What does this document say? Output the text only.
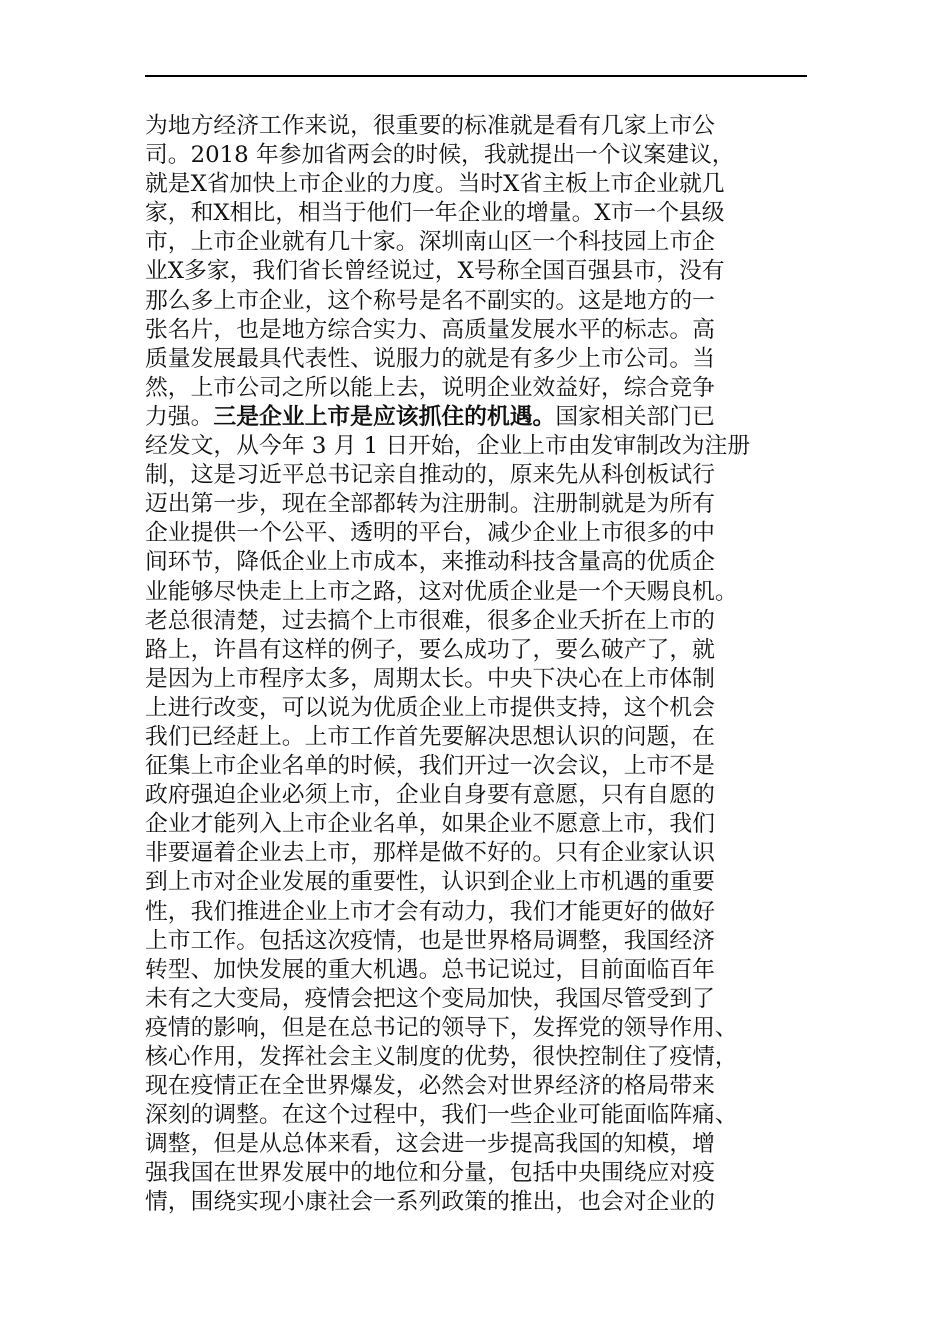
为地方经济工作来说，很重要的标准就是看有几家上市公
司。2018 年参加省两会的时候，我就提出一个议案建议，
就是X省加快上市企业的力度。当时X省主板上市企业就几
家，和X相比，相当于他们一年企业的增量。X市一个县级
市，上市企业就有几十家。深圳南山区一个科技园上市企
业X多家，我们省长曾经说过，X号称全国百强县市，没有
那么多上市企业，这个称号是名不副实的。这是地方的一
张名片，也是地方综合实力、高质量发展水平的标志。高
质量发展最具代表性、说服力的就是有多少上市公司。当
然，上市公司之所以能上去，说明企业效益好，综合竞争
力强。三是企业上市是应该抓住的机遇。国家相关部门已
经发文，从今年 3 月 1 日开始，企业上市由发审制改为注册
制，这是习近平总书记亲自推动的，原来先从科创板试行
迈出第一步，现在全部都转为注册制。注册制就是为所有
企业提供一个公平、透明的平台，减少企业上市很多的中
间环节，降低企业上市成本，来推动科技含量高的优质企
业能够尽快走上上市之路，这对优质企业是一个天赐良机。
老总很清楚，过去搞个上市很难，很多企业夭折在上市的
路上，许昌有这样的例子，要么成功了，要么破产了，就
是因为上市程序太多，周期太长。中央下决心在上市体制
上进行改变，可以说为优质企业上市提供支持，这个机会
我们已经赶上。上市工作首先要解决思想认识的问题，在
征集上市企业名单的时候，我们开过一次会议，上市不是
政府强迫企业必须上市，企业自身要有意愿，只有自愿的
企业才能列入上市企业名单，如果企业不愿意上市，我们
非要逼着企业去上市，那样是做不好的。只有企业家认识
到上市对企业发展的重要性，认识到企业上市机遇的重要
性，我们推进企业上市才会有动力，我们才能更好的做好
上市工作。包括这次疫情，也是世界格局调整，我国经济
转型、加快发展的重大机遇。总书记说过，目前面临百年
未有之大变局，疫情会把这个变局加快，我国尽管受到了
疫情的影响，但是在总书记的领导下，发挥党的领导作用、
核心作用，发挥社会主义制度的优势，很快控制住了疫情，
现在疫情正在全世界爆发，必然会对世界经济的格局带来
深刻的调整。在这个过程中，我们一些企业可能面临阵痛、
调整，但是从总体来看，这会进一步提高我国的知模，增
强我国在世界发展中的地位和分量，包括中央围绕应对疫
情，围绕实现小康社会一系列政策的推出，也会对企业的
